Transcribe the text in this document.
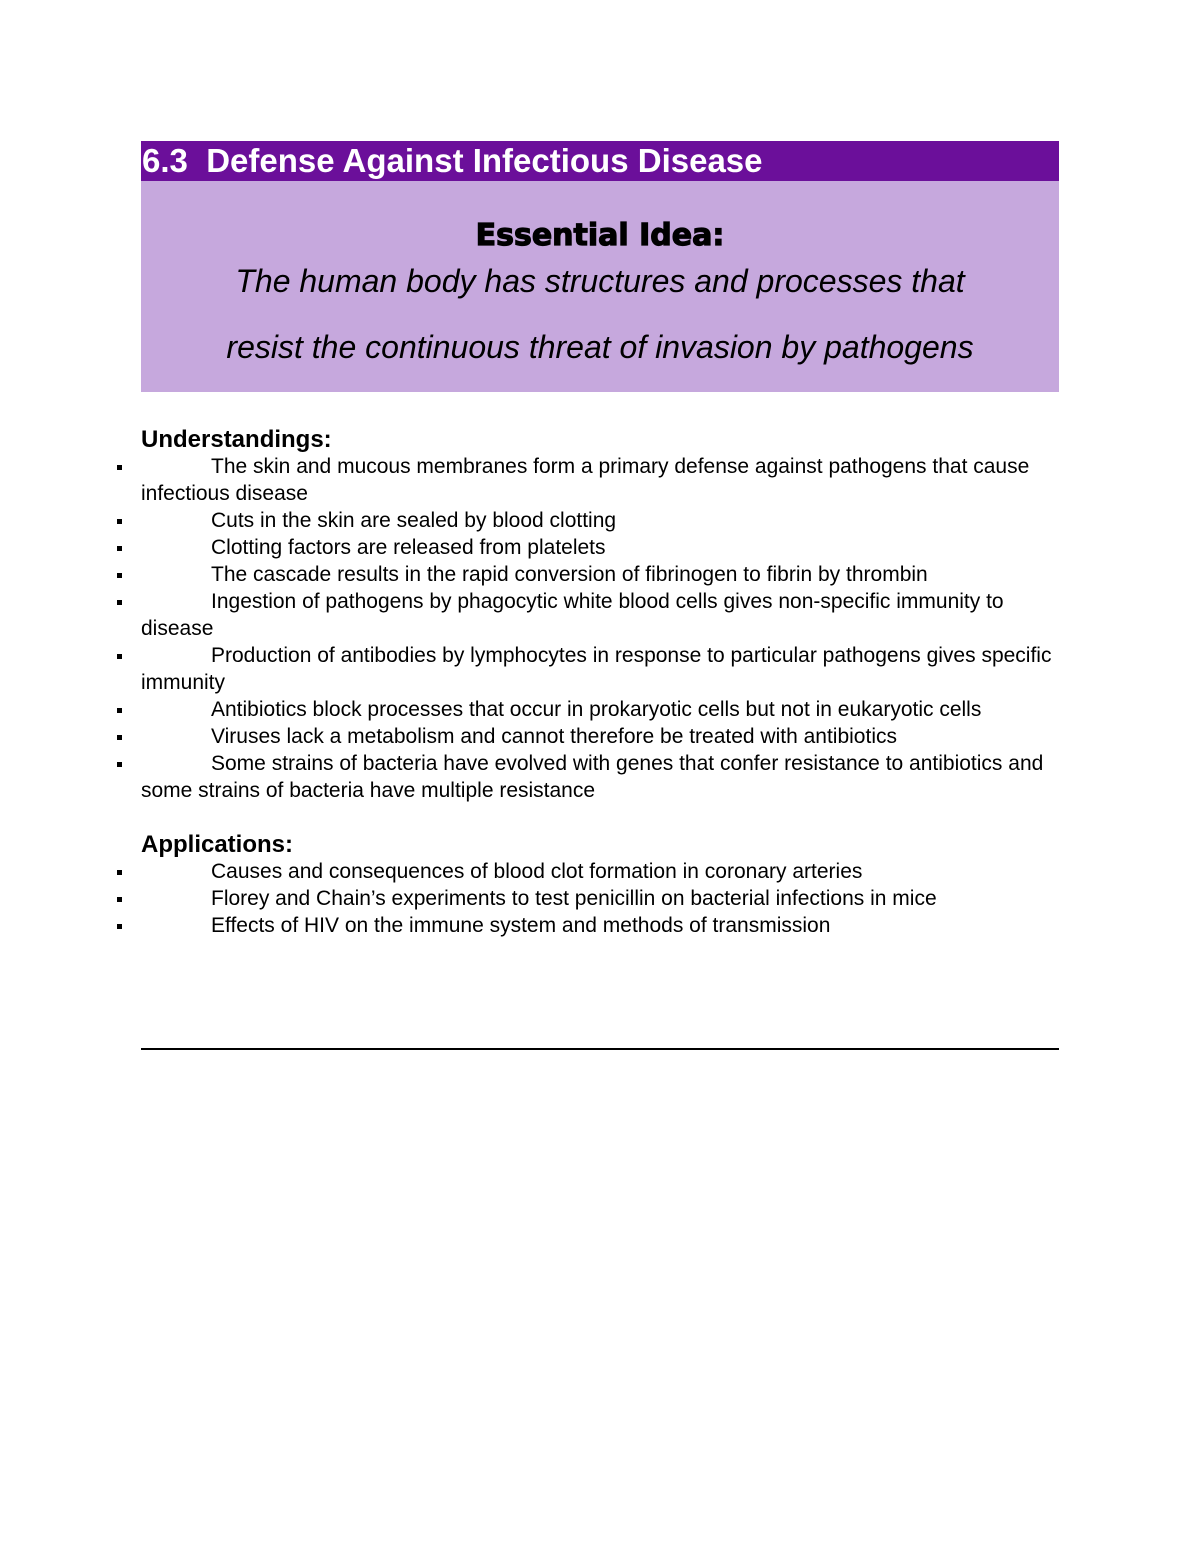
6.3  Defense Against Infectious Disease
Essential Idea:
The human body has structures and processes that
resist the continuous threat of invasion by pathogens
Understandings:
The skin and mucous membranes form a primary defense against pathogens that cause infectious disease
Cuts in the skin are sealed by blood clotting
Clotting factors are released from platelets
The cascade results in the rapid conversion of fibrinogen to fibrin by thrombin
Ingestion of pathogens by phagocytic white blood cells gives non-specific immunity to disease
Production of antibodies by lymphocytes in response to particular pathogens gives specific immunity
Antibiotics block processes that occur in prokaryotic cells but not in eukaryotic cells
Viruses lack a metabolism and cannot therefore be treated with antibiotics
Some strains of bacteria have evolved with genes that confer resistance to antibiotics and some strains of bacteria have multiple resistance
Applications:
Causes and consequences of blood clot formation in coronary arteries
Florey and Chain’s experiments to test penicillin on bacterial infections in mice
Effects of HIV on the immune system and methods of transmission
